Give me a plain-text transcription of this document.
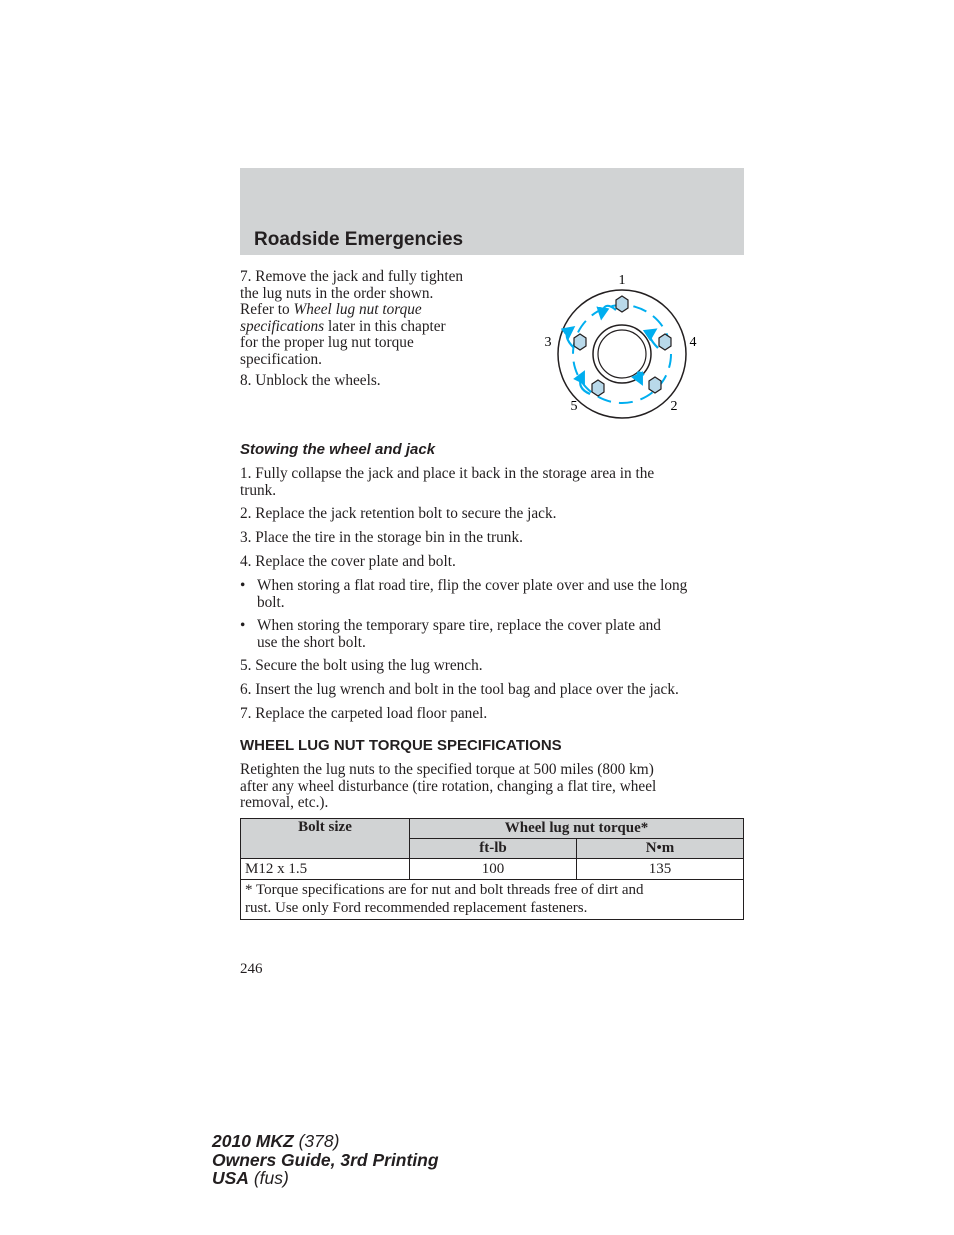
Roadside Emergencies
7. Remove the jack and fully tighten
the lug nuts in the order shown.
Refer to Wheel lug nut torque
specifications later in this chapter
for the proper lug nut torque
specification.
8. Unblock the wheels.
1
2
3	4
5
Stowing the wheel and jack
1. Fully collapse the jack and place it back in the storage area in the
trunk.
2. Replace the jack retention bolt to secure the jack.
3. Place the tire in the storage bin in the trunk.
4. Replace the cover plate and bolt.
• When storing a flat road tire, flip the cover plate over and use the long
bolt.
• When storing the temporary spare tire, replace the cover plate and
use the short bolt.
5. Secure the bolt using the lug wrench.
6. Insert the lug wrench and bolt in the tool bag and place over the jack.
7. Replace the carpeted load floor panel.
WHEEL LUG NUT TORQUE SPECIFICATIONS
Retighten the lug nuts to the specified torque at 500 miles (800 km)
after any wheel disturbance (tire rotation, changing a flat tire, wheel
removal, etc.).
Bolt size	Wheel lug nut torque*	
	ft-lb	N•m
M12 x 1.5	100	135

* Torque specifications are for nut and bolt threads free of dirt and
rust. Use only Ford recommended replacement fasteners.		
246
2010 MKZ (378)
Owners Guide, 3rd Printing
USA (fus)
